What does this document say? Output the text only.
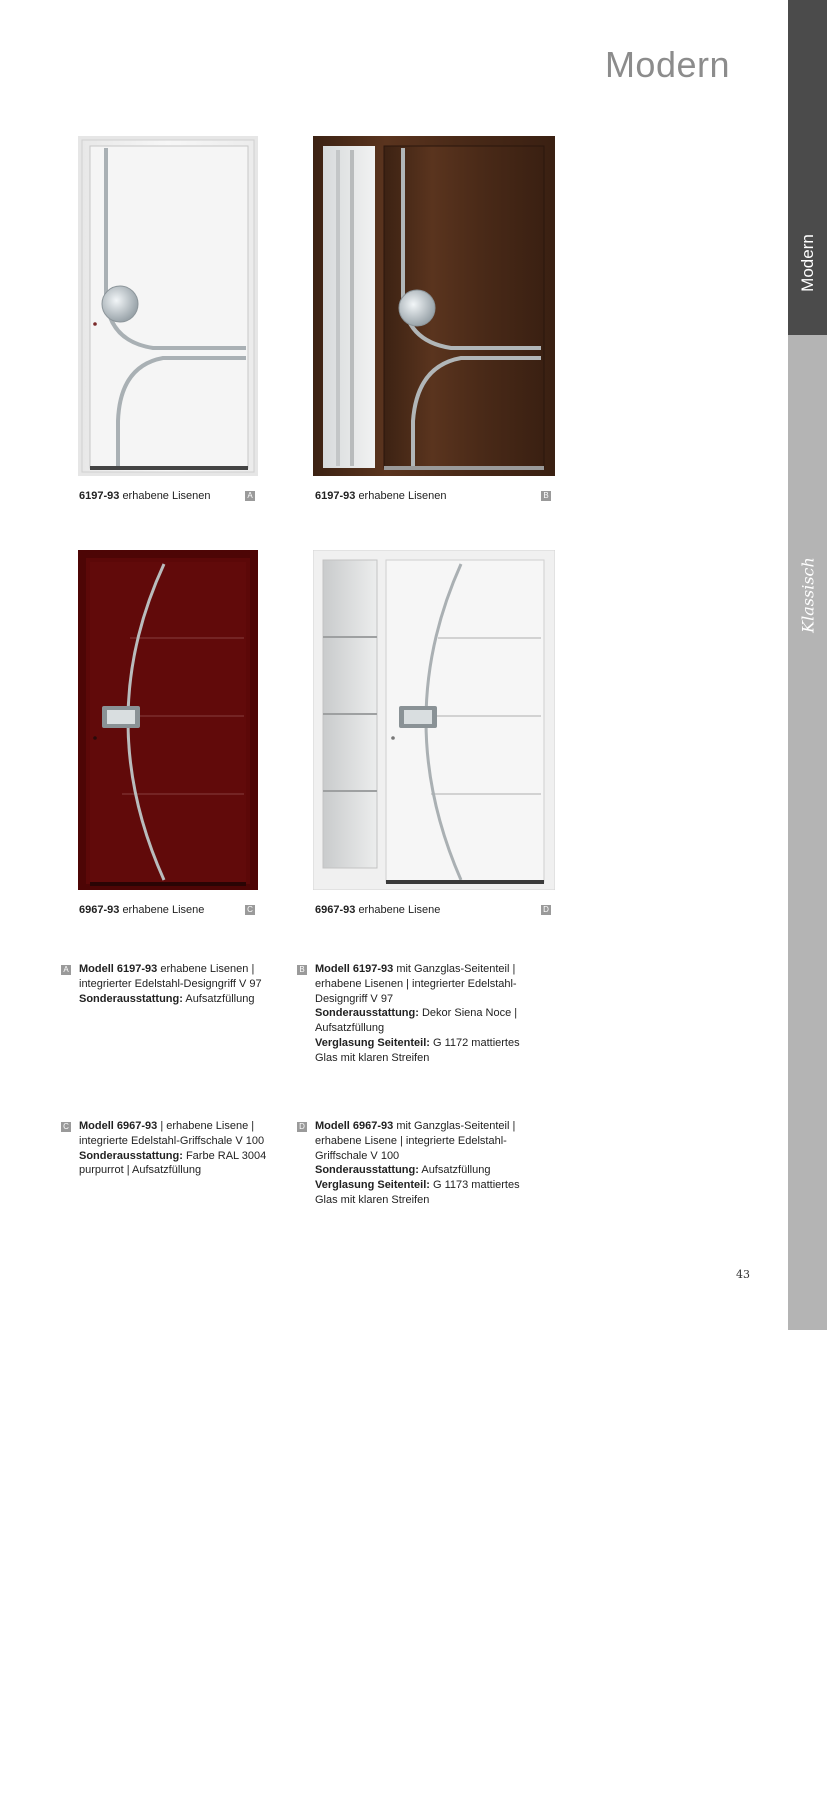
Modern
Modern
Klassisch
Exklusiv
Technik + Zubehör
6197-93 erhabene Lisenen	A	6197-93 erhabene Lisenen	B
6967-93 erhabene Lisene	C	6967-93 erhabene Lisene	D
A Modell 6197-93 erhabene Lisenen |
integrierter Edelstahl-Designgriff V 97
Sonderausstattung: Aufsatzfüllung
B Modell 6197-93 mit Ganzglas-Seitenteil |
erhabene Lisenen | integrierter Edelstahl-
Designgriff V 97
Sonderausstattung: Dekor Siena Noce |
Aufsatzfüllung
Verglasung Seitenteil: G 1172 mattiertes
Glas mit klaren Streifen
C Modell 6967-93 | erhabene Lisene |
integrierte Edelstahl-Griffschale V 100
Sonderausstattung: Farbe RAL 3004
purpurrot | Aufsatzfüllung
D Modell 6967-93 mit Ganzglas-Seitenteil |
erhabene Lisene | integrierte Edelstahl-
Griffschale V 100
Sonderausstattung: Aufsatzfüllung
Verglasung Seitenteil: G 1173 mattiertes
Glas mit klaren Streifen
43
